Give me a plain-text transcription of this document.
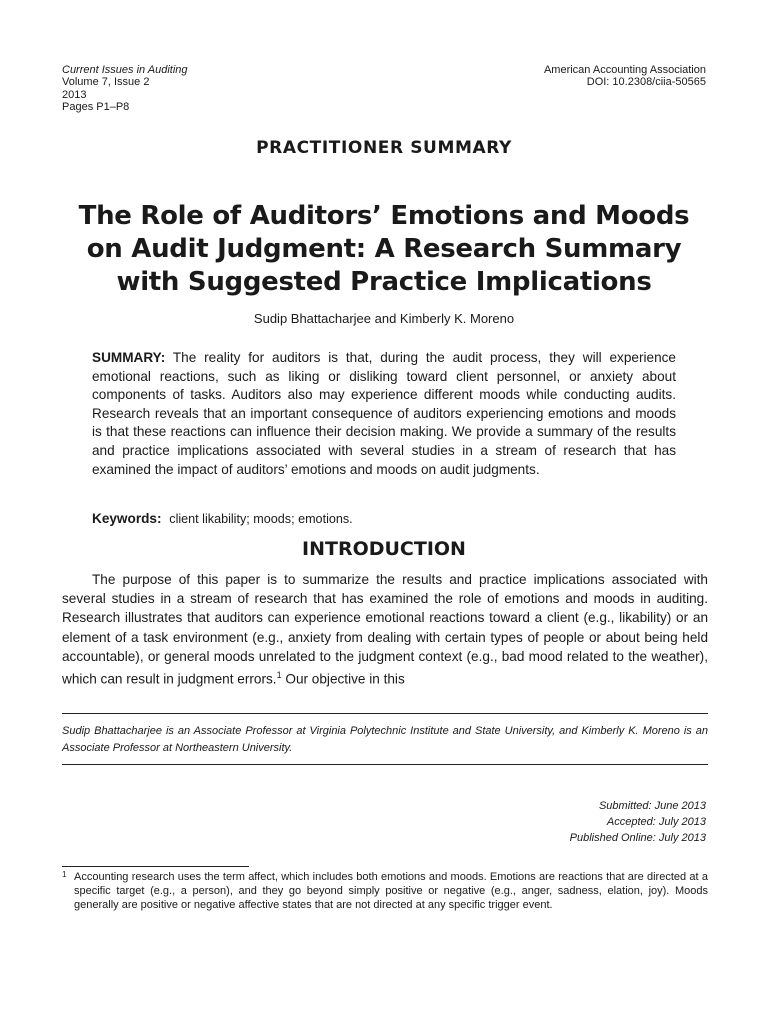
Current Issues in Auditing
Volume 7, Issue 2
2013
Pages P1–P8
American Accounting Association
DOI: 10.2308/ciia-50565
PRACTITIONER SUMMARY
The Role of Auditors’ Emotions and Moods
on Audit Judgment: A Research Summary
with Suggested Practice Implications
Sudip Bhattacharjee and Kimberly K. Moreno
SUMMARY: The reality for auditors is that, during the audit process, they will experience emotional reactions, such as liking or disliking toward client personnel, or anxiety about components of tasks. Auditors also may experience different moods while conducting audits. Research reveals that an important consequence of auditors experiencing emotions and moods is that these reactions can influence their decision making. We provide a summary of the results and practice implications associated with several studies in a stream of research that has examined the impact of auditors’ emotions and moods on audit judgments.
Keywords: client likability; moods; emotions.
INTRODUCTION
The purpose of this paper is to summarize the results and practice implications associated with several studies in a stream of research that has examined the role of emotions and moods in auditing. Research illustrates that auditors can experience emotional reactions toward a client (e.g., likability) or an element of a task environment (e.g., anxiety from dealing with certain types of people or about being held accountable), or general moods unrelated to the judgment context (e.g., bad mood related to the weather), which can result in judgment errors.$^1$ Our objective in this
Sudip Bhattacharjee is an Associate Professor at Virginia Polytechnic Institute and State University, and Kimberly K. Moreno is an Associate Professor at Northeastern University.
Submitted: June 2013
Accepted: July 2013
Published Online: July 2013
1 Accounting research uses the term affect, which includes both emotions and moods. Emotions are reactions that are directed at a specific target (e.g., a person), and they go beyond simply positive or negative (e.g., anger, sadness, elation, joy). Moods generally are positive or negative affective states that are not directed at any specific trigger event.
